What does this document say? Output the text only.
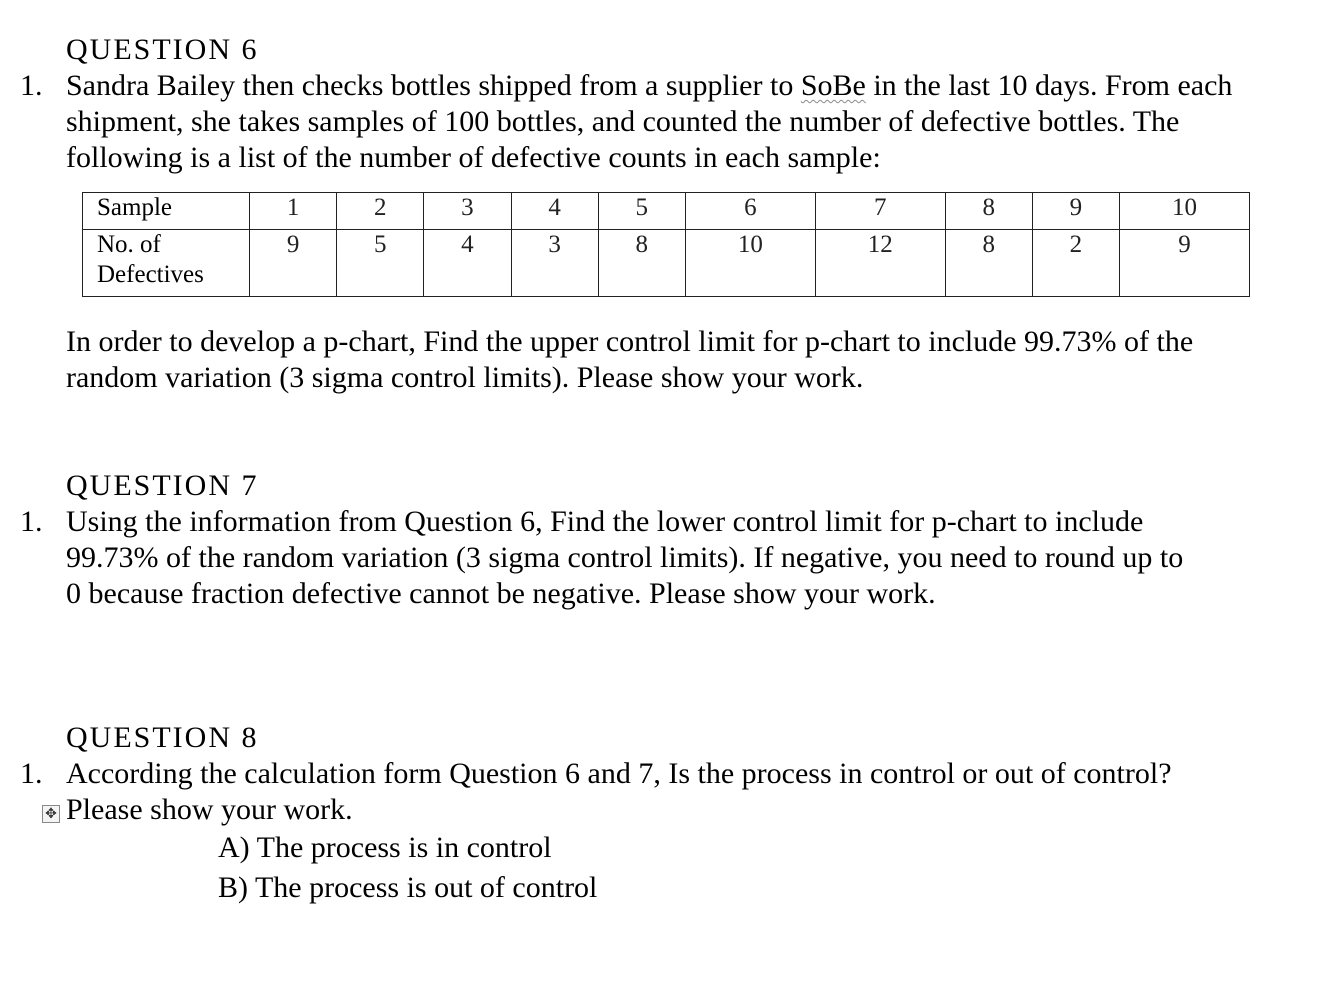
QUESTION 6
1. Sandra Bailey then checks bottles shipped from a supplier to SoBe in the last 10 days. From each
shipment, she takes samples of 100 bottles, and counted the number of defective bottles. The
following is a list of the number of defective counts in each sample:
Sample	1	2	3	4	5	6	7	8	9	10

No. of
Defectives	9	5	4	3	8	10	12	8	2	9
In order to develop a p-chart, Find the upper control limit for p-chart to include 99.73% of the
random variation (3 sigma control limits). Please show your work.
QUESTION 7
1. Using the information from Question 6, Find the lower control limit for p-chart to include
99.73% of the random variation (3 sigma control limits). If negative, you need to round up to
0 because fraction defective cannot be negative. Please show your work.
QUESTION 8
1. According the calculation form Question 6 and 7, Is the process in control or out of control?
✥ Please show your work.
A) The process is in control
B) The process is out of control
